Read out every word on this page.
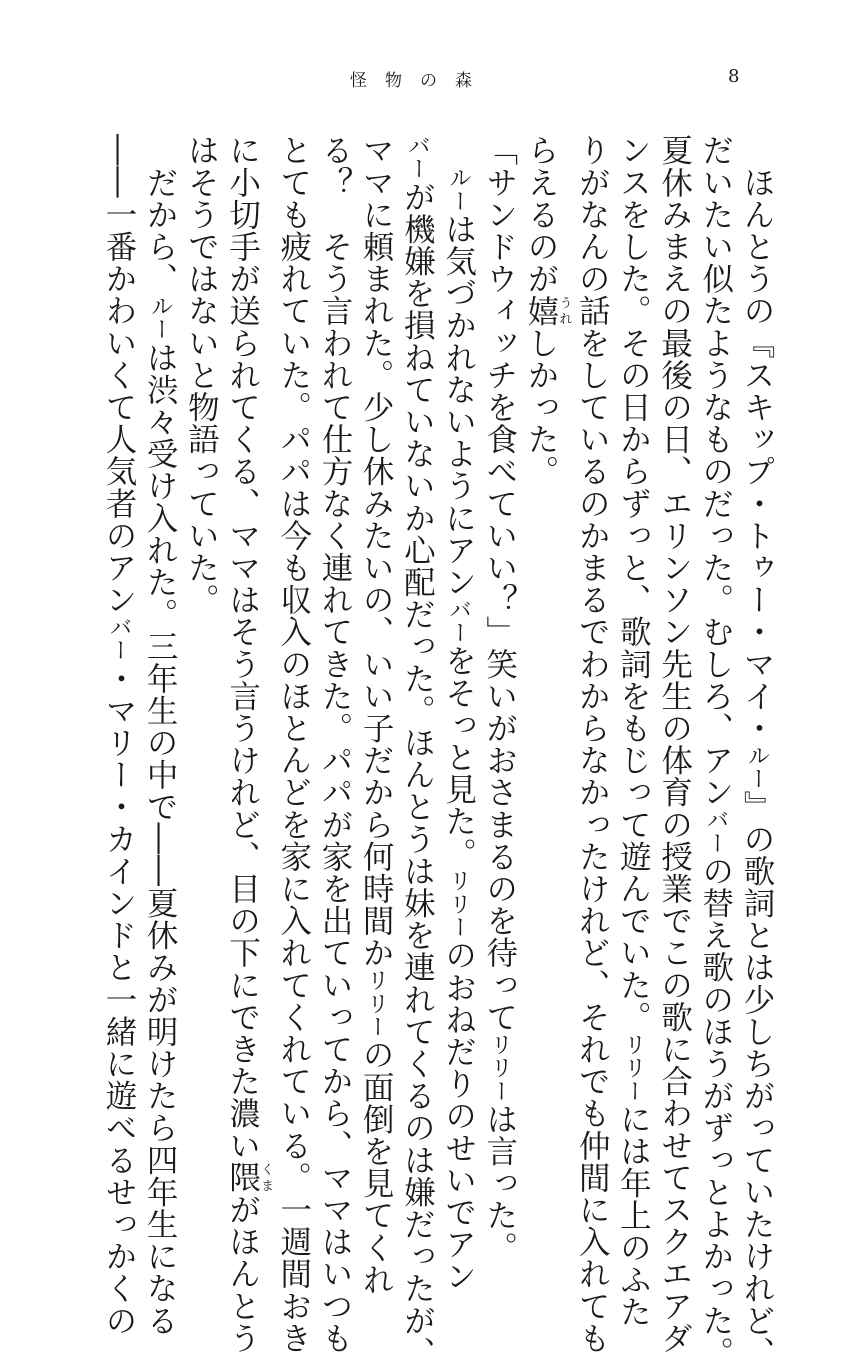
怪物の森	8
　ほんとうの『スキップ・トゥー・マイ・ルー』の歌詞とは少しちがっていたけれど、
だいたい似たようなものだった。むしろ、アンバーの替え歌のほうがずっとよかった。
夏休みまえの最後の日、エリンソン先生の体育の授業でこの歌に合わせてスクエアダ
ンスをした。その日からずっと、歌詞をもじって遊んでいた。リリーには年上のふた
りがなんの話をしているのかまるでわからなかったけれど、それでも仲間に入れても
らえるのが嬉うれしかった。
「サンドウィッチを食べていい？」笑いがおさまるのを待ってリリーは言った。
　ルーは気づかれないようにアンバーをそっと見た。リリーのおねだりのせいでアン
バーが機嫌を損ねていないか心配だった。ほんとうは妹を連れてくるのは嫌だったが、
ママに頼まれた。少し休みたいの、いい子だから何時間かリリーの面倒を見てくれ
る？　そう言われて仕方なく連れてきた。パパが家を出ていってから、ママはいつも
とても疲れていた。パパは今も収入のほとんどを家に入れてくれている。一週間おき
に小切手が送られてくる、ママはそう言うけれど、目の下にできた濃い隈くまがほんとう
はそうではないと物語っていた。
　だから、ルーは渋々受け入れた。三年生の中で――夏休みが明けたら四年生になる
――一番かわいくて人気者のアンバー・マリー・カインドと一緒に遊べるせっかくの
